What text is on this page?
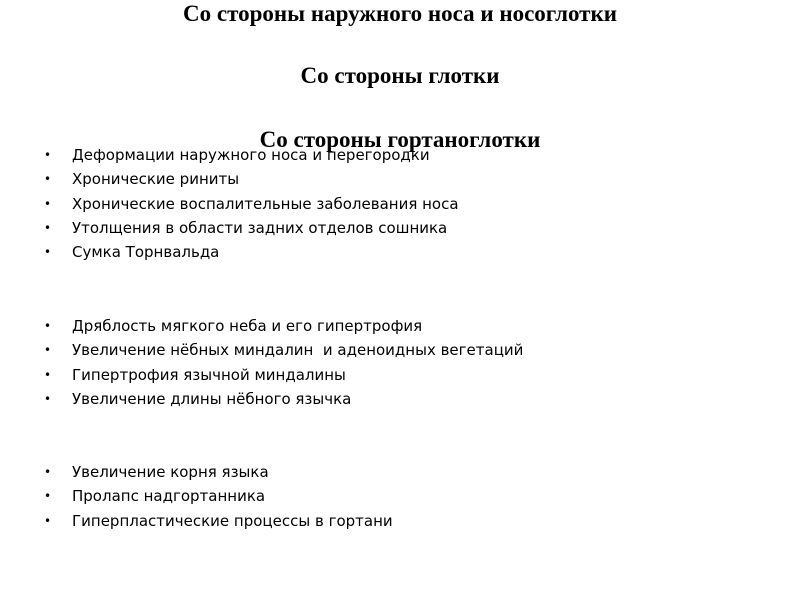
Со стороны наружного носа и носоглотки
Со стороны глотки
Со стороны гортаноглотки
• Деформации наружного носа и перегородки
• Хронические риниты
• Хронические воспалительные заболевания носа
• Утолщения в области задних отделов сошника
• Сумка Торнвальда
• Дряблость мягкого неба и его гипертрофия
• Увеличение нёбных миндалин  и аденоидных вегетаций
• Гипертрофия язычной миндалины
• Увеличение длины нёбного язычка
• Увеличение корня языка
• Пролапс надгортанника
• Гиперпластические процессы в гортани
